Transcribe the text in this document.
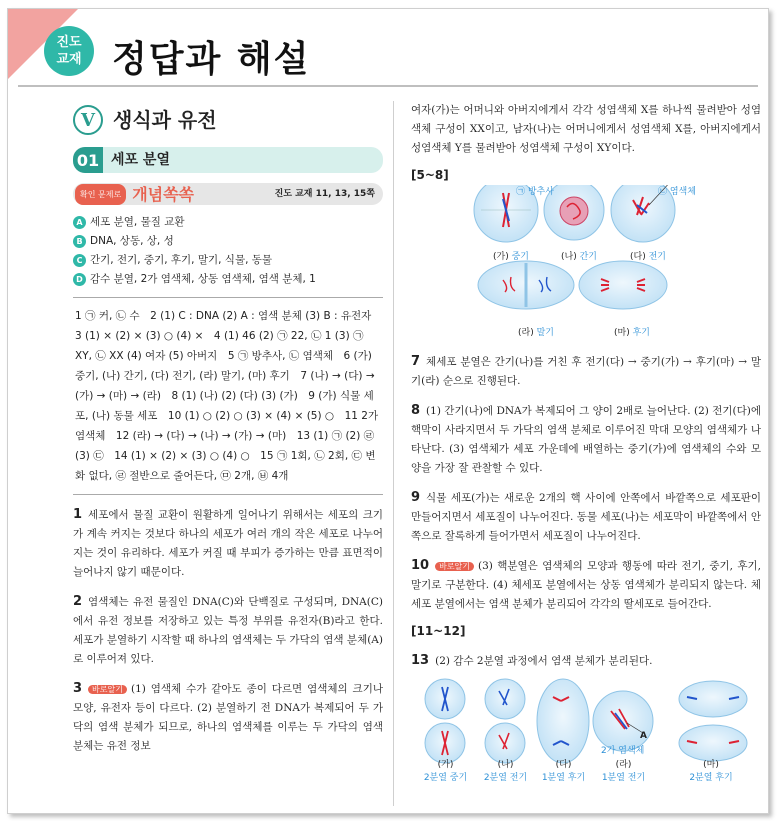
진도
교재 정답과 해설
V 생식과 유전
01 세포 분열
확인 문제로 개념쏙쏙	진도 교재 11, 13, 15쪽
A 세포 분열, 물질 교환
B DNA, 상동, 상, 성
C 간기, 전기, 중기, 후기, 말기, 식물, 동물
D 감수 분열, 2가 염색체, 상동 염색체, 염색 분체, 1
1 ㉠ 커, ㉡ 수　2 (1) C : DNA (2) A : 염색 분체 (3) B : 유전자　3 (1) × (2) × (3) ○ (4) ×　4 (1) 46 (2) ㉠ 22, ㉡ 1 (3) ㉠ XY, ㉡ XX (4) 여자 (5) 아버지　5 ㉠ 방추사, ㉡ 염색체　6 (가) 중기, (나) 간기, (다) 전기, (라) 말기, (마) 후기　7 (나) → (다) → (가) → (마) → (라)　8 (1) (나) (2) (다) (3) (가)　9 (가) 식물 세포, (나) 동물 세포　10 (1) ○ (2) ○ (3) × (4) × (5) ○　11 2가 염색체　12 (라) → (다) → (나) → (가) → (마)　13 (1) ㉠ (2) ㉣ (3) ㉢　14 (1) × (2) × (3) ○ (4) ○　15 ㉠ 1회, ㉡ 2회, ㉢ 변화 없다, ㉣ 절반으로 줄어든다, ㉤ 2개, ㉥ 4개
1 세포에서 물질 교환이 원활하게 일어나기 위해서는 세포의 크기가 계속 커지는 것보다 하나의 세포가 여러 개의 작은 세포로 나누어지는 것이 유리하다. 세포가 커질 때 부피가 증가하는 만큼 표면적이 늘어나지 않기 때문이다.
2 염색체는 유전 물질인 DNA(C)와 단백질로 구성되며, DNA(C)에서 유전 정보를 저장하고 있는 특정 부위를 유전자(B)라고 한다. 세포가 분열하기 시작할 때 하나의 염색체는 두 가닥의 염색 분체(A)로 이루어져 있다.
3 바로알기 (1) 염색체 수가 같아도 종이 다르면 염색체의 크기나 모양, 유전자 등이 다르다. (2) 분열하기 전 DNA가 복제되어 두 가닥의 염색 분체가 되므로, 하나의 염색체를 이루는 두 가닥의 염색 분체는 유전 정보
여자(가)는 어머니와 아버지에게서 각각 성염색체 X를 하나씩 물려받아 성염색체 구성이 XX이고, 남자(나)는 어머니에게서 성염색체 X를, 아버지에게서 성염색체 Y를 물려받아 성염색체 구성이 XY이다.
[5~8]
7 체세포 분열은 간기(나)를 거친 후 전기(다) → 중기(가) → 후기(마) → 말기(라) 순으로 진행된다.
8 (1) 간기(나)에 DNA가 복제되어 그 양이 2배로 늘어난다. (2) 전기(다)에 핵막이 사라지면서 두 가닥의 염색 분체로 이루어진 막대 모양의 염색체가 나타난다. (3) 염색체가 세포 가운데에 배열하는 중기(가)에 염색체의 수와 모양을 가장 잘 관찰할 수 있다.
9 식물 세포(가)는 새로운 2개의 핵 사이에 안쪽에서 바깥쪽으로 세포판이 만들어지면서 세포질이 나누어진다. 동물 세포(나)는 세포막이 바깥쪽에서 안쪽으로 잘록하게 들어가면서 세포질이 나누어진다.
10 바로알기 (3) 핵분열은 염색체의 모양과 행동에 따라 전기, 중기, 후기, 말기로 구분한다. (4) 체세포 분열에서는 상동 염색체가 분리되지 않는다. 체세포 분열에서는 염색 분체가 분리되어 각각의 딸세포로 들어간다.
[11~12]
13 (2) 감수 2분열 과정에서 염색 분체가 분리된다.
(가) 중기	(나) 간기	(다) 전기
(라) 말기	(마) 후기
㉠ 방추사	㉡ 염색체
A
2가 염색체
(가)
2분열 중기
(나)
2분열 전기
(다)
1분열 후기
(라)
1분열 전기
(마)
2분열 후기
